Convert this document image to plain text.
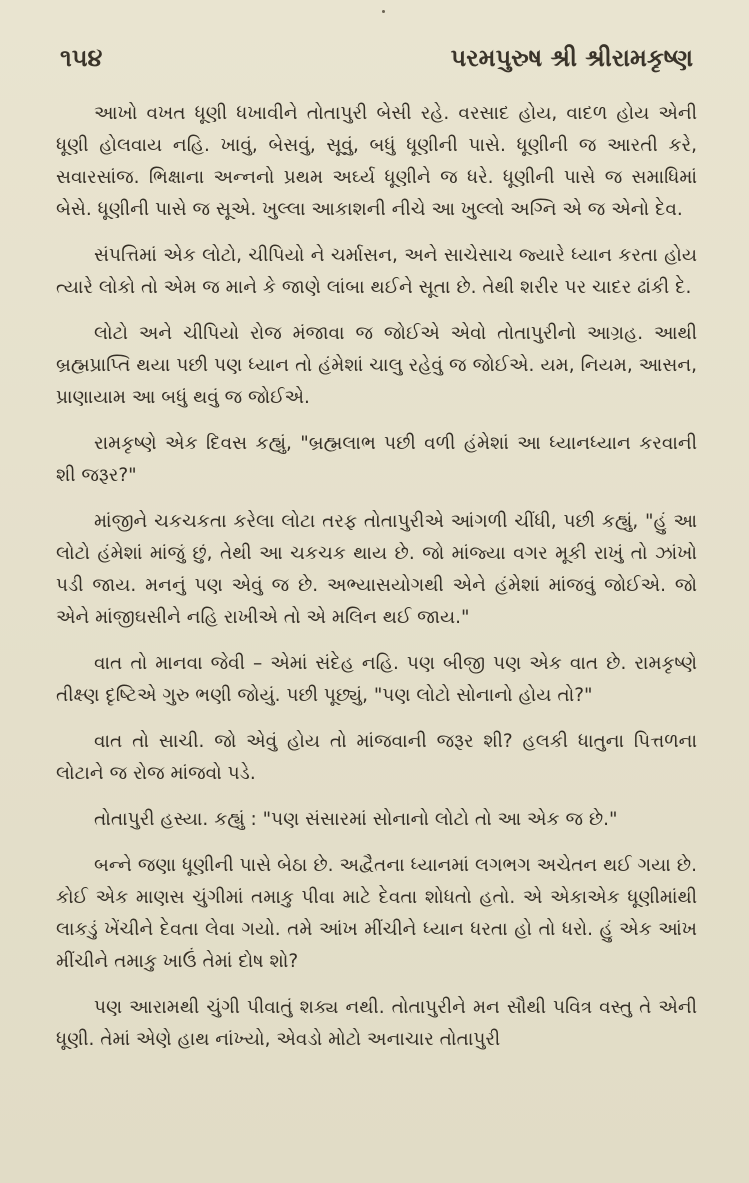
૧૫૪	પરમપુરુષ શ્રી શ્રીરામકૃષ્ણ

આખો વખત ધૂણી ધખાવીને તોતાપુરી બેસી રહે. વરસાદ હોય, વાદળ હોય એની ધૂણી હોલવાય નહિ. ખાવું, બેસવું, સૂવું, બધું ધૂણીની પાસે. ધૂણીની જ આરતી કરે, સવારસાંજ. ભિક્ષાના અન્નનો પ્રથમ અર્ઘ્ય ધૂણીને જ ધરે. ધૂણીની પાસે જ સમાધિમાં બેસે. ધૂણીની પાસે જ સૂએ. ખુલ્લા આકાશની નીચે આ ખુલ્લો અગ્નિ એ જ એનો દેવ.

સંપત્તિમાં એક લોટો, ચીપિયો ને ચર્માસન, અને સાચેસાચ જ્યારે ધ્યાન કરતા હોય ત્યારે લોકો તો એમ જ માને કે જાણે લાંબા થઈને સૂતા છે. તેથી શરીર પર ચાદર ઢાંકી દે.

લોટો અને ચીપિયો રોજ મંજાવા જ જોઈએ એવો તોતાપુરીનો આગ્રહ. આથી બ્રહ્મપ્રાપ્તિ થયા પછી પણ ધ્યાન તો હંમેશાં ચાલુ રહેવું જ જોઈએ. યમ, નિયમ, આસન, પ્રાણાયામ આ બધું થવું જ જોઈએ.

રામકૃષ્ણે એક દિવસ કહ્યું, "બ્રહ્મલાભ પછી વળી હંમેશાં આ ધ્યાનધ્યાન કરવાની શી જરૂર?"

માંજીને ચકચકતા કરેલા લોટા તરફ તોતાપુરીએ આંગળી ચીંધી, પછી કહ્યું, "હું આ લોટો હંમેશાં માંજું છું, તેથી આ ચકચક થાય છે. જો માંજ્યા વગર મૂકી રાખું તો ઝાંખો પડી જાય. મનનું પણ એવું જ છે. અભ્યાસયોગથી એને હંમેશાં માંજવું જોઈએ. જો એને માંજીઘસીને નહિ રાખીએ તો એ મલિન થઈ જાય."

વાત તો માનવા જેવી – એમાં સંદેહ નહિ. પણ બીજી પણ એક વાત છે. રામકૃષ્ણે તીક્ષ્ણ દૃષ્ટિએ ગુરુ ભણી જોયું. પછી પૂછ્યું, "પણ લોટો સોનાનો હોય તો?"

વાત તો સાચી. જો એવું હોય તો માંજવાની જરૂર શી? હલકી ધાતુના પિત્તળના લોટાને જ રોજ માંજવો પડે.

તોતાપુરી હસ્યા. કહ્યું : "પણ સંસારમાં સોનાનો લોટો તો આ એક જ છે."

બન્ને જણા ધૂણીની પાસે બેઠા છે. અદ્વૈતના ધ્યાનમાં લગભગ અચેતન થઈ ગયા છે. કોઈ એક માણસ ચુંગીમાં તમાકુ પીવા માટે દેવતા શોધતો હતો. એ એકાએક ધૂણીમાંથી લાકડું ખેંચીને દેવતા લેવા ગયો. તમે આંખ મીંચીને ધ્યાન ધરતા હો તો ધરો. હું એક આંખ મીંચીને તમાકુ ખાઉં તેમાં દોષ શો?

પણ આરામથી ચુંગી પીવાતું શક્ય નથી. તોતાપુરીને મન સૌથી પવિત્ર વસ્તુ તે એની ધૂણી. તેમાં એણે હાથ નાંખ્યો, એવડો મોટો અનાચાર તોતાપુરી
